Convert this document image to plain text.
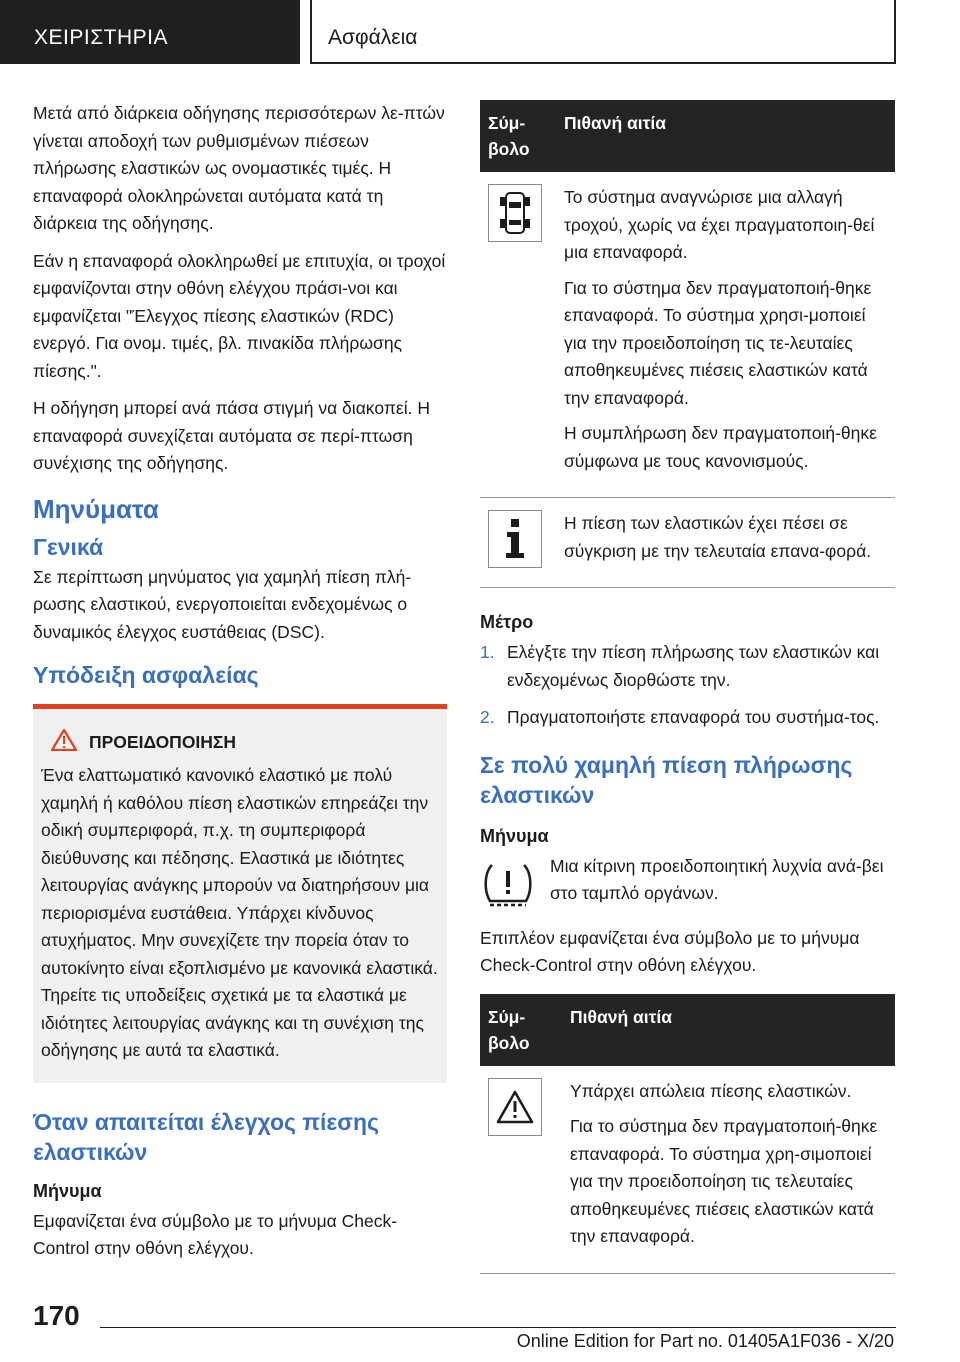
ΧΕΙΡΙΣΤΗΡΙΑ	Ασφάλεια

Μετά από διάρκεια οδήγησης περισσότερων λε-πτών γίνεται αποδοχή των ρυθμισμένων πιέσεων πλήρωσης ελαστικών ως ονομαστικές τιμές. Η επαναφορά ολοκληρώνεται αυτόματα κατά τη διάρκεια της οδήγησης.

Εάν η επαναφορά ολοκληρωθεί με επιτυχία, οι τροχοί εμφανίζονται στην οθόνη ελέγχου πράσι-νοι και εμφανίζεται "Έλεγχος πίεσης ελαστικών (RDC) ενεργό. Για ονομ. τιμές, βλ. πινακίδα πλήρωσης πίεσης.".

Η οδήγηση μπορεί ανά πάσα στιγμή να διακοπεί. Η επαναφορά συνεχίζεται αυτόματα σε περί-πτωση συνέχισης της οδήγησης.

Μηνύματα
Γενικά

Σε περίπτωση μηνύματος για χαμηλή πίεση πλή-ρωσης ελαστικού, ενεργοποιείται ενδεχομένως ο δυναμικός έλεγχος ευστάθειας (DSC).

Υπόδειξη ασφαλείας
ΠΡΟΕΙΔΟΠΟΙΗΣΗ

Ένα ελαττωματικό κανονικό ελαστικό με πολύ χαμηλή ή καθόλου πίεση ελαστικών επηρεάζει την οδική συμπεριφορά, π.χ. τη συμπεριφορά διεύθυνσης και πέδησης. Ελαστικά με ιδιότητες λειτουργίας ανάγκης μπορούν να διατηρήσουν μια περιορισμένα ευστάθεια. Υπάρχει κίνδυνος ατυχήματος. Μην συνεχίζετε την πορεία όταν το αυτοκίνητο είναι εξοπλισμένο με κανονικά ελαστικά. Τηρείτε τις υποδείξεις σχετικά με τα ελαστικά με ιδιότητες λειτουργίας ανάγκης και τη συνέχιση της οδήγησης με αυτά τα ελαστικά.

Όταν απαιτείται έλεγχος πίεσης ελαστικών
Μήνυμα

Εμφανίζεται ένα σύμβολο με το μήνυμα Check-Control στην οθόνη ελέγχου.

Σύμ-βολο	Πιθανή αιτία

Το σύστημα αναγνώρισε μια αλλαγή τροχού, χωρίς να έχει πραγματοποιη-θεί μια επαναφορά.

Για το σύστημα δεν πραγματοποιή-θηκε επαναφορά. Το σύστημα χρησι-μοποιεί για την προειδοποίηση τις τε-λευταίες αποθηκευμένες πιέσεις ελαστικών κατά την επαναφορά.

Η συμπλήρωση δεν πραγματοποιή-θηκε σύμφωνα με τους κανονισμούς.

Η πίεση των ελαστικών έχει πέσει σε σύγκριση με την τελευταία επανα-φορά.

Μέτρο
1. Ελέγξτε την πίεση πλήρωσης των ελαστικών και ενδεχομένως διορθώστε την.
2. Πραγματοποιήστε επαναφορά του συστήμα-τος.
Σε πολύ χαμηλή πίεση πλήρωσης ελαστικών
Μήνυμα

Μια κίτρινη προειδοποιητική λυχνία ανά-βει στο ταμπλό οργάνων.

Επιπλέον εμφανίζεται ένα σύμβολο με το μήνυμα Check-Control στην οθόνη ελέγχου.

Σύμ-βολο	Πιθανή αιτία

Υπάρχει απώλεια πίεσης ελαστικών.

Για το σύστημα δεν πραγματοποιή-θηκε επαναφορά. Το σύστημα χρη-σιμοποιεί για την προειδοποίηση τις τελευταίες αποθηκευμένες πιέσεις ελαστικών κατά την επαναφορά.

170
Online Edition for Part no. 01405A1F036 - X/20
